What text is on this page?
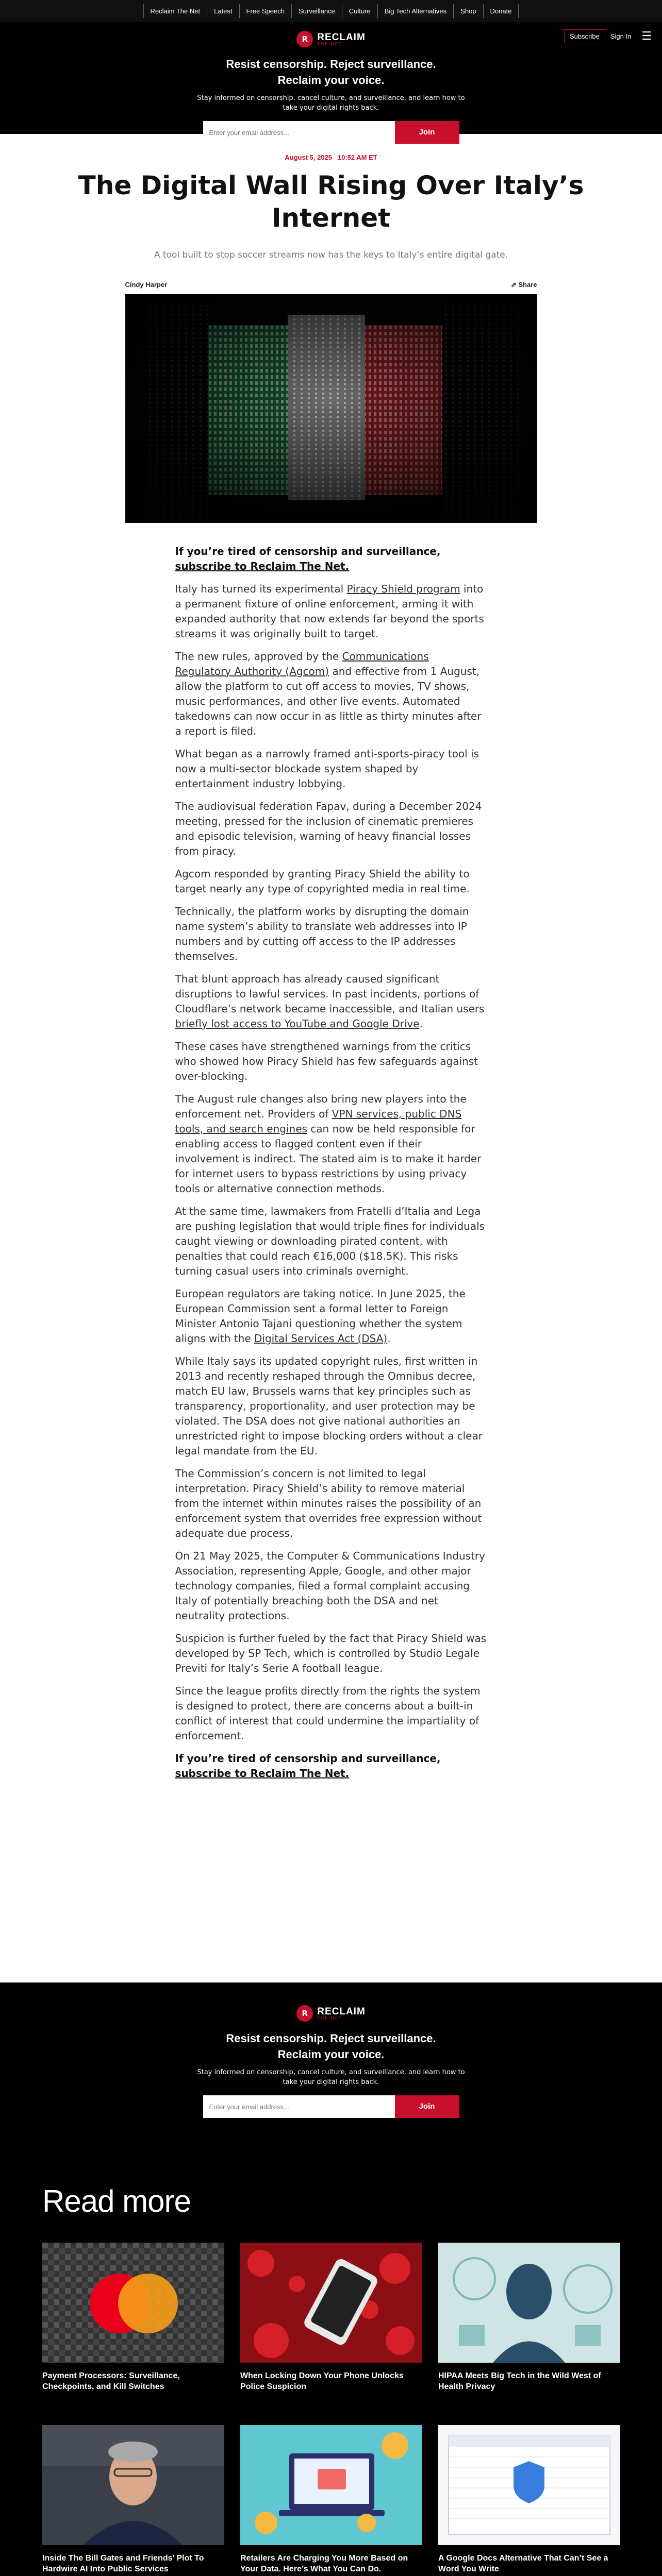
Reclaim The Net	Latest	Free Speech	Surveillance	Culture	Big Tech Alternatives	Shop	Donate
R RECLAIM
THE NET
Subscribe	Sign In ☰
Resist censorship. Reject surveillance.
Reclaim your voice.

Stay informed on censorship, cancel culture, and surveillance, and learn how to take your digital rights back.

Enter your email address...
Join
August 5, 2025 10:52 AM ET
The Digital Wall Rising Over Italy’s Internet
A tool built to stop soccer streams now has the keys to Italy’s entire digital gate.
Cindy Harper	⇗ Share

If you’re tired of censorship and surveillance, subscribe to Reclaim The Net.

Italy has turned its experimental Piracy Shield program into a permanent fixture of online enforcement, arming it with expanded authority that now extends far beyond the sports streams it was originally built to target.

The new rules, approved by the Communications Regulatory Authority (Agcom) and effective from 1 August, allow the platform to cut off access to movies, TV shows, music performances, and other live events. Automated takedowns can now occur in as little as thirty minutes after a report is filed.

What began as a narrowly framed anti-sports-piracy tool is now a multi-sector blockade system shaped by entertainment industry lobbying.

The audiovisual federation Fapav, during a December 2024 meeting, pressed for the inclusion of cinematic premieres and episodic television, warning of heavy financial losses from piracy.

Agcom responded by granting Piracy Shield the ability to target nearly any type of copyrighted media in real time.

Technically, the platform works by disrupting the domain name system’s ability to translate web addresses into IP numbers and by cutting off access to the IP addresses themselves.

That blunt approach has already caused significant disruptions to lawful services. In past incidents, portions of Cloudflare’s network became inaccessible, and Italian users briefly lost access to YouTube and Google Drive.

These cases have strengthened warnings from the critics who showed how Piracy Shield has few safeguards against over-blocking.

The August rule changes also bring new players into the enforcement net. Providers of VPN services, public DNS tools, and search engines can now be held responsible for enabling access to flagged content even if their involvement is indirect. The stated aim is to make it harder for internet users to bypass restrictions by using privacy tools or alternative connection methods.

At the same time, lawmakers from Fratelli d’Italia and Lega are pushing legislation that would triple fines for individuals caught viewing or downloading pirated content, with penalties that could reach €16,000 ($18.5K). This risks turning casual users into criminals overnight.

European regulators are taking notice. In June 2025, the European Commission sent a formal letter to Foreign Minister Antonio Tajani questioning whether the system aligns with the Digital Services Act (DSA).

While Italy says its updated copyright rules, first written in 2013 and recently reshaped through the Omnibus decree, match EU law, Brussels warns that key principles such as transparency, proportionality, and user protection may be violated. The DSA does not give national authorities an unrestricted right to impose blocking orders without a clear legal mandate from the EU.

The Commission’s concern is not limited to legal interpretation. Piracy Shield’s ability to remove material from the internet within minutes raises the possibility of an enforcement system that overrides free expression without adequate due process.

On 21 May 2025, the Computer & Communications Industry Association, representing Apple, Google, and other major technology companies, filed a formal complaint accusing Italy of potentially breaching both the DSA and net neutrality protections.

Suspicion is further fueled by the fact that Piracy Shield was developed by SP Tech, which is controlled by Studio Legale Previti for Italy’s Serie A football league.

Since the league profits directly from the rights the system is designed to protect, there are concerns about a built-in conflict of interest that could undermine the impartiality of enforcement.

If you’re tired of censorship and surveillance, subscribe to Reclaim The Net.

R RECLAIM
THE NET
Resist censorship. Reject surveillance.
Reclaim your voice.

Stay informed on censorship, cancel culture, and surveillance, and learn how to take your digital rights back.

Enter your email address...
Join
Read more
Payment Processors: Surveillance, Checkpoints, and Kill Switches
When Locking Down Your Phone Unlocks Police Suspicion
HIPAA Meets Big Tech in the Wild West of Health Privacy
Inside The Bill Gates and Friends’ Plot To Hardwire AI Into Public Services
Retailers Are Charging You More Based on Your Data. Here’s What You Can Do.
A Google Docs Alternative That Can’t See a Word You Write
